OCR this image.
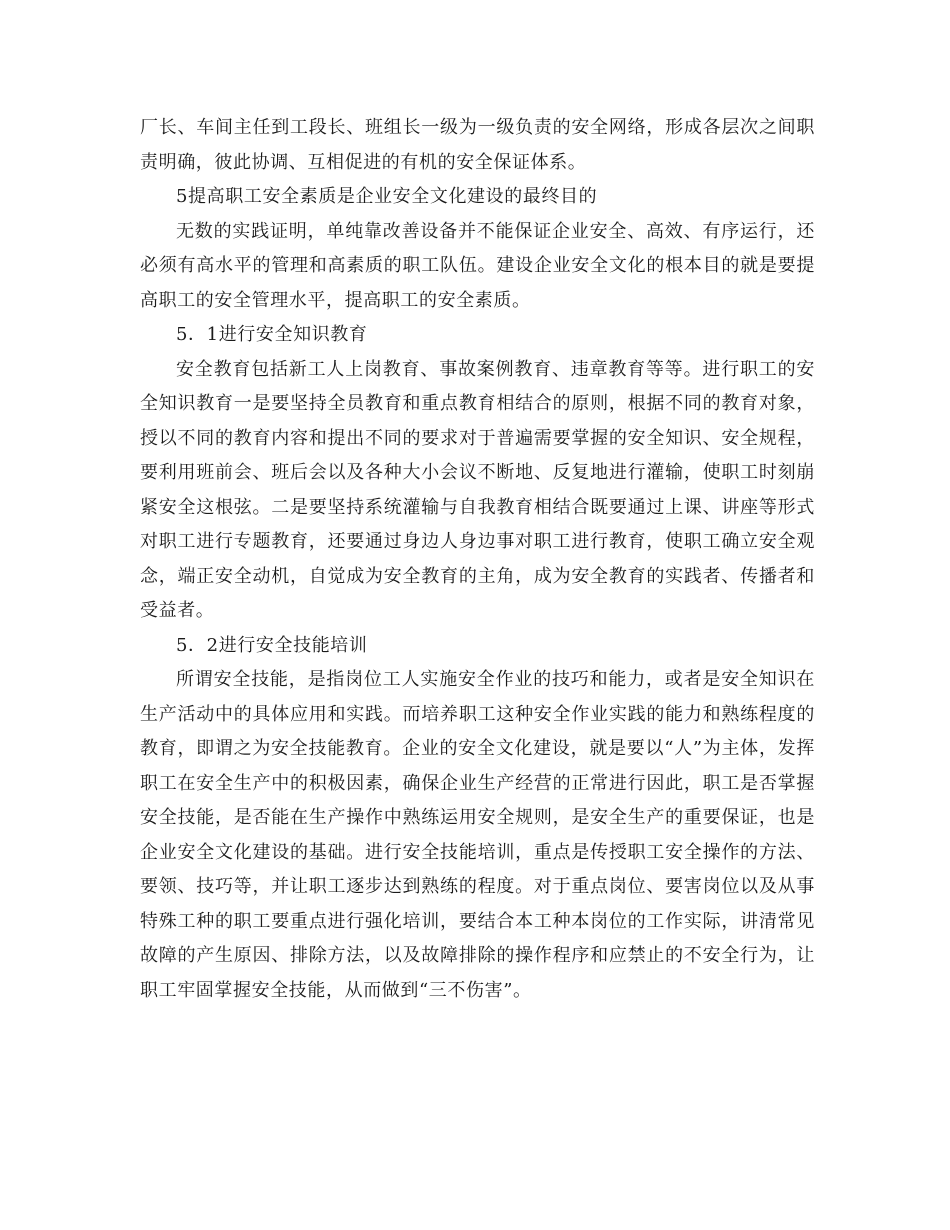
厂长、车间主任到工段长、班组长一级为一级负责的安全网络，形成各层次之间职责明确，彼此协调、互相促进的有机的安全保证体系。

5提高职工安全素质是企业安全文化建设的最终目的

无数的实践证明，单纯靠改善设备并不能保证企业安全、高效、有序运行，还必须有高水平的管理和高素质的职工队伍。建设企业安全文化的根本目的就是要提高职工的安全管理水平，提高职工的安全素质。

5．1进行安全知识教育

安全教育包括新工人上岗教育、事故案例教育、违章教育等等。进行职工的安全知识教育一是要坚持全员教育和重点教育相结合的原则，根据不同的教育对象，授以不同的教育内容和提出不同的要求对于普遍需要掌握的安全知识、安全规程，要利用班前会、班后会以及各种大小会议不断地、反复地进行灌输，使职工时刻崩紧安全这根弦。二是要坚持系统灌输与自我教育相结合既要通过上课、讲座等形式对职工进行专题教育，还要通过身边人身边事对职工进行教育，使职工确立安全观念，端正安全动机，自觉成为安全教育的主角，成为安全教育的实践者、传播者和受益者。

5．2进行安全技能培训

所谓安全技能，是指岗位工人实施安全作业的技巧和能力，或者是安全知识在生产活动中的具体应用和实践。而培养职工这种安全作业实践的能力和熟练程度的教育，即谓之为安全技能教育。企业的安全文化建设，就是要以“人”为主体，发挥职工在安全生产中的积极因素，确保企业生产经营的正常进行因此，职工是否掌握安全技能，是否能在生产操作中熟练运用安全规则，是安全生产的重要保证，也是企业安全文化建设的基础。进行安全技能培训，重点是传授职工安全操作的方法、要领、技巧等，并让职工逐步达到熟练的程度。对于重点岗位、要害岗位以及从事特殊工种的职工要重点进行强化培训，要结合本工种本岗位的工作实际，讲清常见故障的产生原因、排除方法，以及故障排除的操作程序和应禁止的不安全行为，让职工牢固掌握安全技能，从而做到“三不伤害”。
